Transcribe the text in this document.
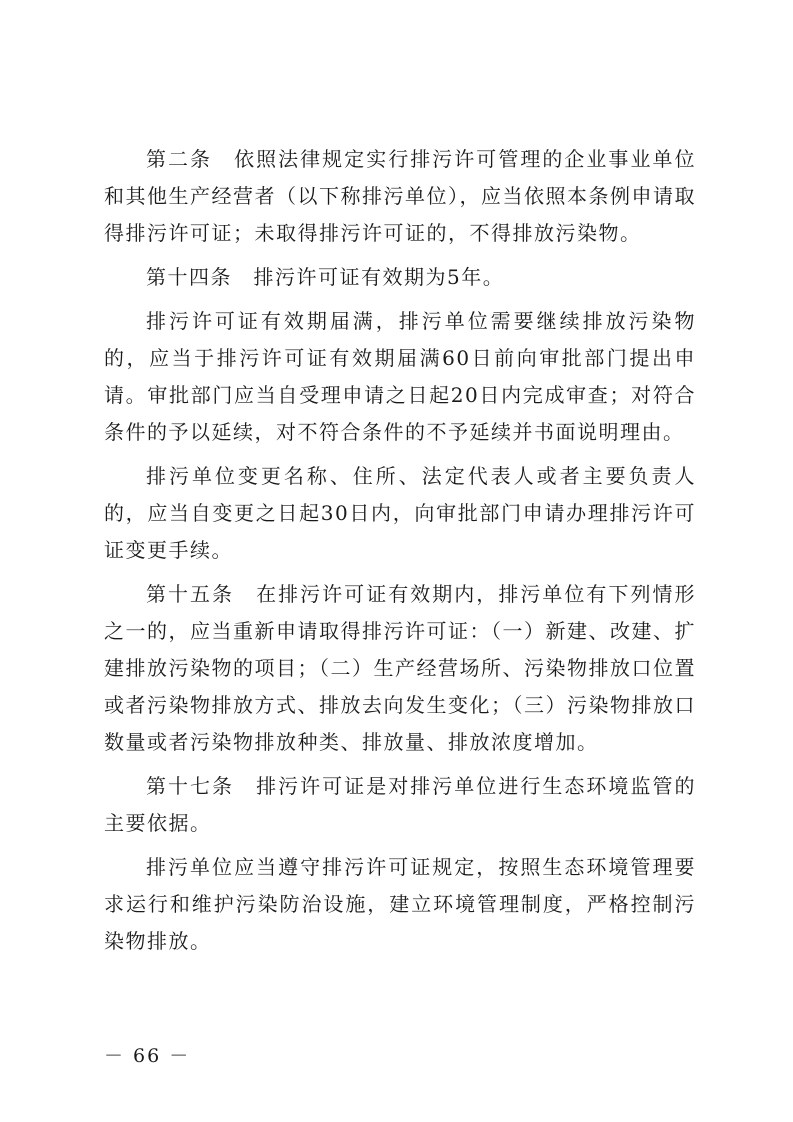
第二条　依照法律规定实行排污许可管理的企业事业单位和其他生产经营者（以下称排污单位），应当依照本条例申请取得排污许可证；未取得排污许可证的，不得排放污染物。

第十四条　排污许可证有效期为5年。

排污许可证有效期届满，排污单位需要继续排放污染物的，应当于排污许可证有效期届满60日前向审批部门提出申请。审批部门应当自受理申请之日起20日内完成审查；对符合条件的予以延续，对不符合条件的不予延续并书面说明理由。

排污单位变更名称、住所、法定代表人或者主要负责人的，应当自变更之日起30日内，向审批部门申请办理排污许可证变更手续。

第十五条　在排污许可证有效期内，排污单位有下列情形之一的，应当重新申请取得排污许可证：（一）新建、改建、扩建排放污染物的项目；（二）生产经营场所、污染物排放口位置或者污染物排放方式、排放去向发生变化；（三）污染物排放口数量或者污染物排放种类、排放量、排放浓度增加。

第十七条　排污许可证是对排污单位进行生态环境监管的主要依据。

排污单位应当遵守排污许可证规定，按照生态环境管理要求运行和维护污染防治设施，建立环境管理制度，严格控制污染物排放。

－ 66 －
